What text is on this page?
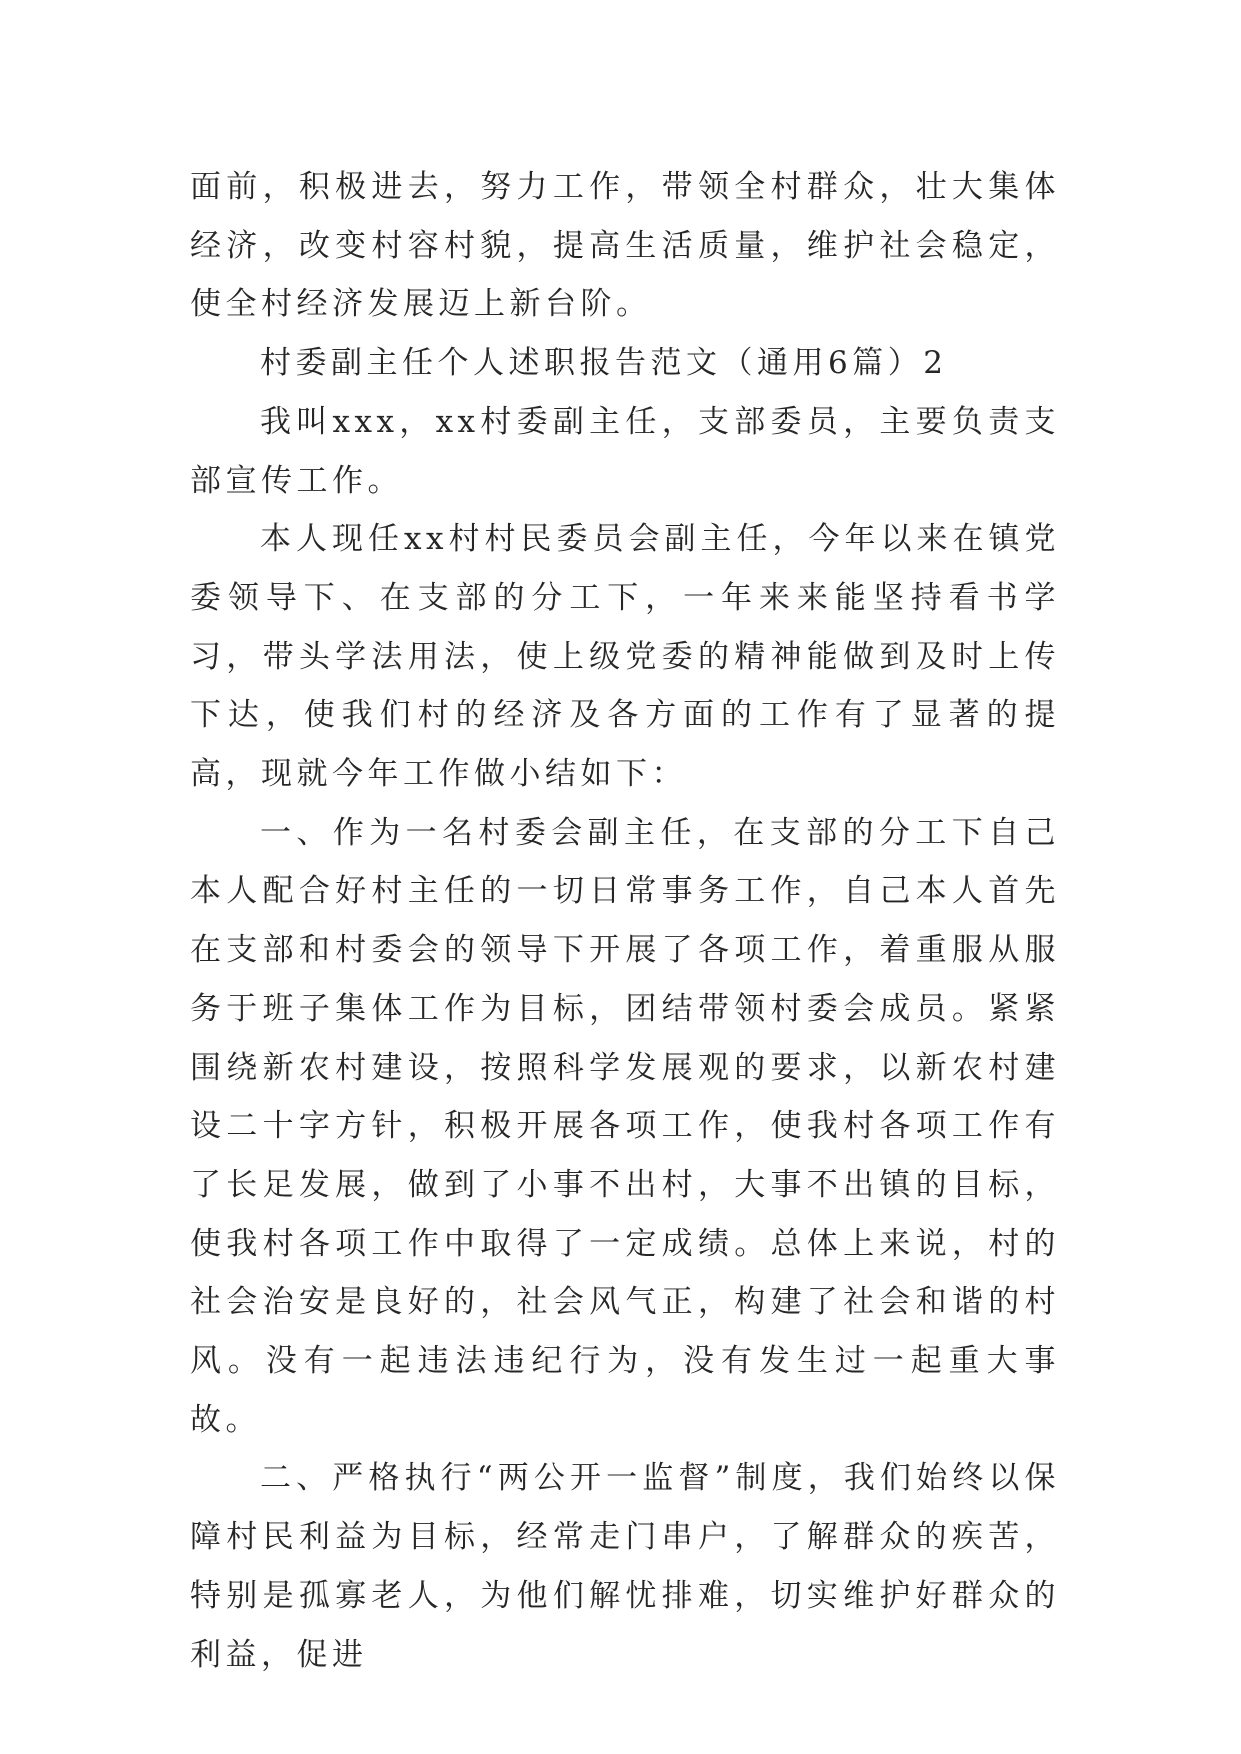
面前，积极进去，努力工作，带领全村群众，壮大集体经济，改变村容村貌，提高生活质量，维护社会稳定，使全村经济发展迈上新台阶。

村委副主任个人述职报告范文（通用6篇）2

我叫xxx，xx村委副主任，支部委员，主要负责支部宣传工作。

本人现任xx村村民委员会副主任，今年以来在镇党委领导下、在支部的分工下，一年来来能坚持看书学习，带头学法用法，使上级党委的精神能做到及时上传下达，使我们村的经济及各方面的工作有了显著的提高，现就今年工作做小结如下：

一、作为一名村委会副主任，在支部的分工下自己本人配合好村主任的一切日常事务工作，自己本人首先在支部和村委会的领导下开展了各项工作，着重服从服务于班子集体工作为目标，团结带领村委会成员。紧紧围绕新农村建设，按照科学发展观的要求，以新农村建设二十字方针，积极开展各项工作，使我村各项工作有了长足发展，做到了小事不出村，大事不出镇的目标，使我村各项工作中取得了一定成绩。总体上来说，村的社会治安是良好的，社会风气正，构建了社会和谐的村风。没有一起违法违纪行为，没有发生过一起重大事故。

二、严格执行“两公开一监督”制度，我们始终以保障村民利益为目标，经常走门串户，了解群众的疾苦，特别是孤寡老人，为他们解忧排难，切实维护好群众的利益，促进
